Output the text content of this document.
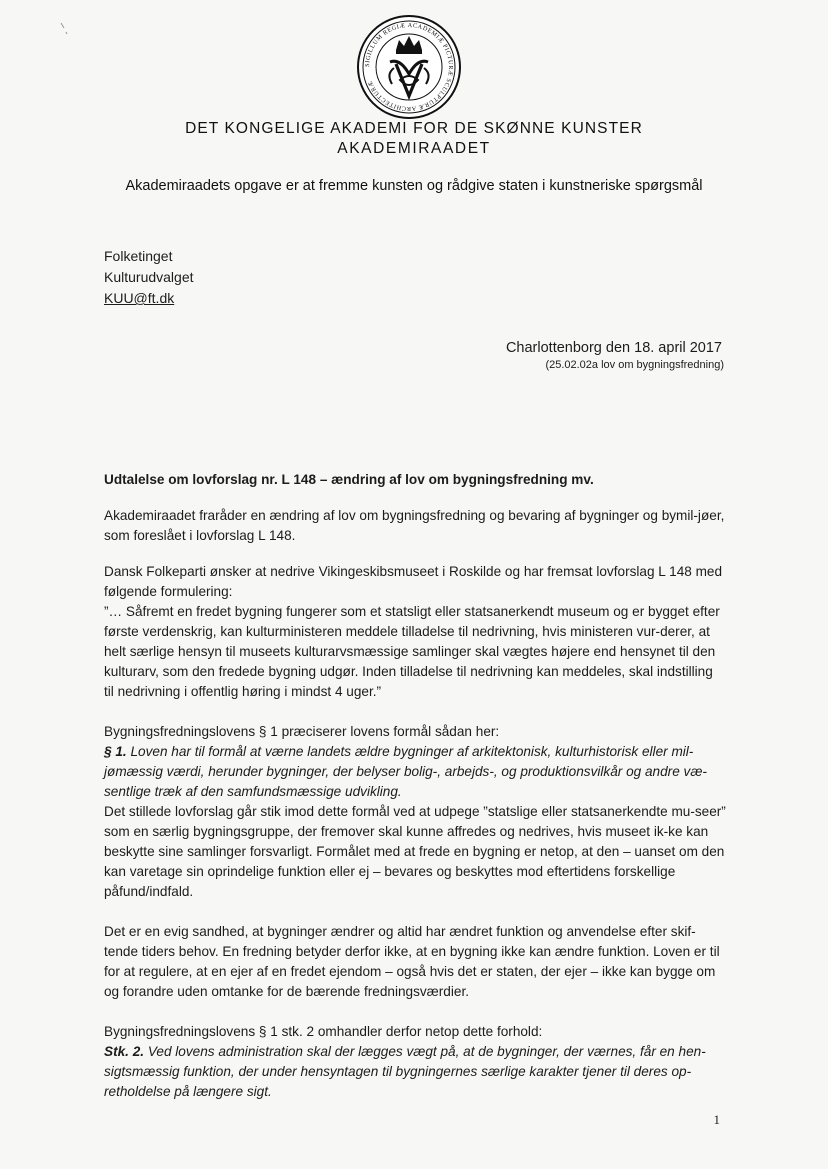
SIGILLUM REGIÆ ACADEMIÆ PICTURÆ SCULPTURÆ ARCHITECTURÆ
DET KONGELIGE AKADEMI FOR DE SKØNNE KUNSTER
AKADEMIRAADET
Akademiraadets opgave er at fremme kunsten og rådgive staten i kunstneriske spørgsmål
Folketinget
Kulturudvalget
KUU@ft.dk
Charlottenborg den 18. april 2017
(25.02.02a lov om bygningsfredning)

Udtalelse om lovforslag nr. L 148 – ændring af lov om bygningsfredning mv.

Akademiraadet fraråder en ændring af lov om bygningsfredning og bevaring af bygninger og bymil-jøer, som foreslået i lovforslag L 148.

Dansk Folkeparti ønsker at nedrive Vikingeskibsmuseet i Roskilde og har fremsat lovforslag L 148 med følgende formulering:

”… Såfremt en fredet bygning fungerer som et statsligt eller statsanerkendt museum og er bygget efter første verdenskrig, kan kulturministeren meddele tilladelse til nedrivning, hvis ministeren vur-derer, at helt særlige hensyn til museets kulturarvsmæssige samlinger skal vægtes højere end hensynet til den kulturarv, som den fredede bygning udgør. Inden tilladelse til nedrivning kan meddeles, skal indstilling til nedrivning i offentlig høring i mindst 4 uger.”

Bygningsfredningslovens § 1 præciserer lovens formål sådan her:

§ 1. Loven har til formål at værne landets ældre bygninger af arkitektonisk, kulturhistorisk eller mil-jømæssig værdi, herunder bygninger, der belyser bolig-, arbejds-, og produktionsvilkår og andre væ-sentlige træk af den samfundsmæssige udvikling.

Det stillede lovforslag går stik imod dette formål ved at udpege ”statslige eller statsanerkendte mu-seer” som en særlig bygningsgruppe, der fremover skal kunne affredes og nedrives, hvis museet ik-ke kan beskytte sine samlinger forsvarligt. Formålet med at frede en bygning er netop, at den – uanset om den kan varetage sin oprindelige funktion eller ej – bevares og beskyttes mod eftertidens forskellige påfund/indfald.

Det er en evig sandhed, at bygninger ændrer og altid har ændret funktion og anvendelse efter skif-tende tiders behov. En fredning betyder derfor ikke, at en bygning ikke kan ændre funktion. Loven er til for at regulere, at en ejer af en fredet ejendom – også hvis det er staten, der ejer – ikke kan bygge om og forandre uden omtanke for de bærende fredningsværdier.

Bygningsfredningslovens § 1 stk. 2 omhandler derfor netop dette forhold:

Stk. 2. Ved lovens administration skal der lægges vægt på, at de bygninger, der værnes, får en hen-sigtsmæssig funktion, der under hensyntagen til bygningernes særlige karakter tjener til deres op-retholdelse på længere sigt.

1
